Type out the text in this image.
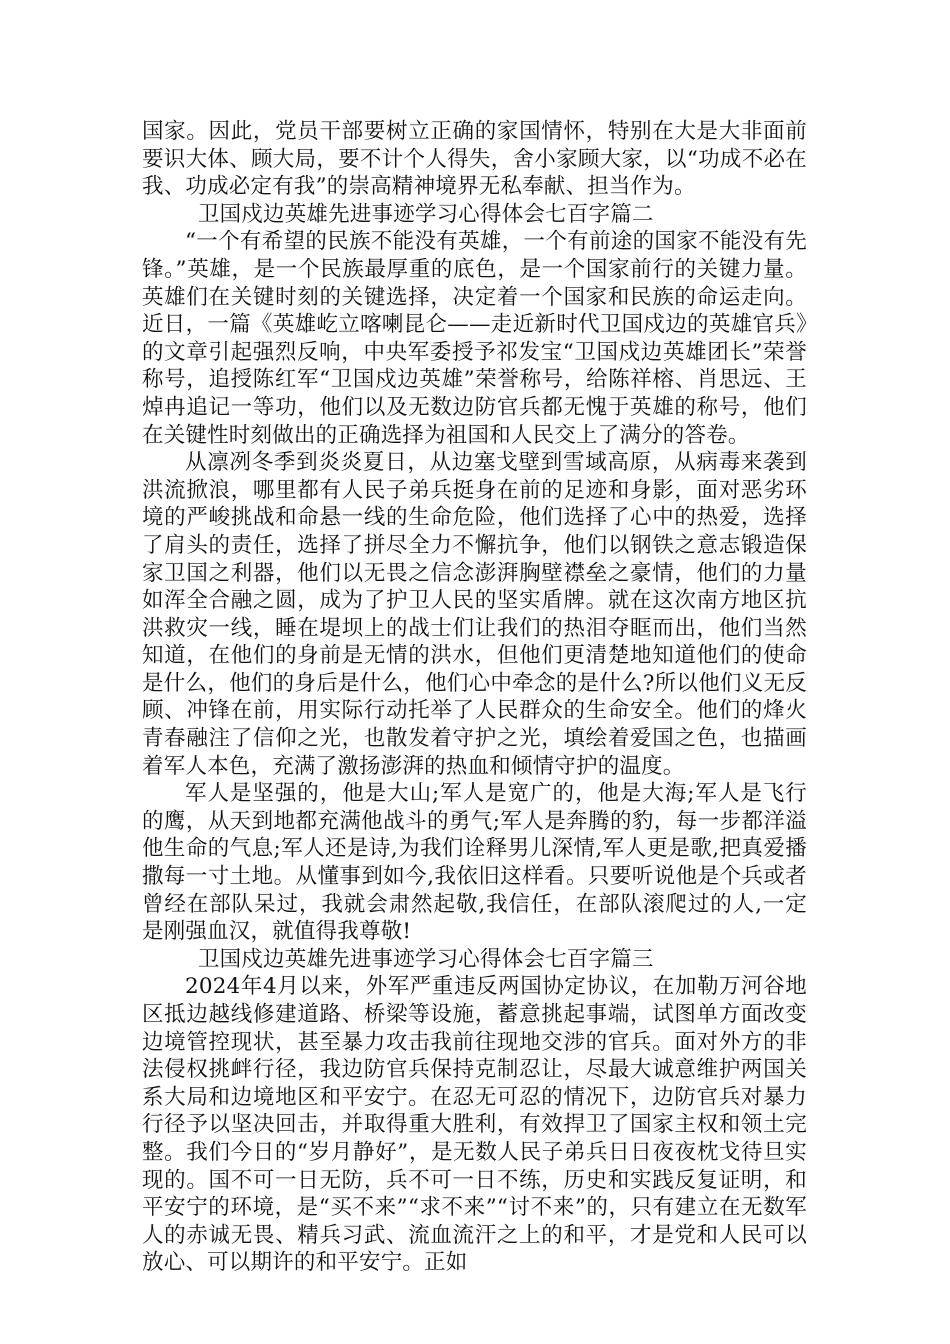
国家。因此，党员干部要树立正确的家国情怀，特别在大是大非面前要识大体、顾大局，要不计个人得失，舍小家顾大家，以“功成不必在我、功成必定有我”的崇高精神境界无私奉献、担当作为。

卫国戍边英雄先进事迹学习心得体会七百字篇二

“一个有希望的民族不能没有英雄，一个有前途的国家不能没有先锋。”英雄，是一个民族最厚重的底色，是一个国家前行的关键力量。英雄们在关键时刻的关键选择，决定着一个国家和民族的命运走向。近日，一篇《英雄屹立喀喇昆仑——走近新时代卫国戍边的英雄官兵》的文章引起强烈反响，中央军委授予祁发宝“卫国戍边英雄团长”荣誉称号，追授陈红军“卫国戍边英雄”荣誉称号，给陈祥榕、肖思远、王焯冉追记一等功，他们以及无数边防官兵都无愧于英雄的称号，他们在关键性时刻做出的正确选择为祖国和人民交上了满分的答卷。

从凛冽冬季到炎炎夏日，从边塞戈壁到雪域高原，从病毒来袭到洪流掀浪，哪里都有人民子弟兵挺身在前的足迹和身影，面对恶劣环境的严峻挑战和命悬一线的生命危险，他们选择了心中的热爱，选择了肩头的责任，选择了拼尽全力不懈抗争，他们以钢铁之意志锻造保家卫国之利器，他们以无畏之信念澎湃胸壁襟垒之豪情，他们的力量如浑全合融之圆，成为了护卫人民的坚实盾牌。就在这次南方地区抗洪救灾一线，睡在堤坝上的战士们让我们的热泪夺眶而出，他们当然知道，在他们的身前是无情的洪水，但他们更清楚地知道他们的使命是什么，他们的身后是什么，他们心中牵念的是什么?所以他们义无反顾、冲锋在前，用实际行动托举了人民群众的生命安全。他们的烽火青春融注了信仰之光，也散发着守护之光，填绘着爱国之色，也描画着军人本色，充满了激扬澎湃的热血和倾情守护的温度。

军人是坚强的，他是大山;军人是宽广的，他是大海;军人是飞行的鹰，从天到地都充满他战斗的勇气;军人是奔腾的豹，每一步都洋溢他生命的气息;军人还是诗,为我们诠释男儿深情,军人更是歌,把真爱播撒每一寸土地。从懂事到如今,我依旧这样看。只要听说他是个兵或者曾经在部队呆过，我就会肃然起敬,我信任，在部队滚爬过的人,一定是刚强血汉，就值得我尊敬!

卫国戍边英雄先进事迹学习心得体会七百字篇三

2024年4月以来，外军严重违反两国协定协议，在加勒万河谷地区抵边越线修建道路、桥梁等设施，蓄意挑起事端，试图单方面改变边境管控现状，甚至暴力攻击我前往现地交涉的官兵。面对外方的非法侵权挑衅行径，我边防官兵保持克制忍让，尽最大诚意维护两国关系大局和边境地区和平安宁。在忍无可忍的情况下，边防官兵对暴力行径予以坚决回击，并取得重大胜利，有效捍卫了国家主权和领土完整。我们今日的“岁月静好”，是无数人民子弟兵日日夜夜枕戈待旦实现的。国不可一日无防，兵不可一日不练，历史和实践反复证明，和平安宁的环境，是“买不来”“求不来”“讨不来”的，只有建立在无数军人的赤诚无畏、精兵习武、流血流汗之上的和平，才是党和人民可以放心、可以期许的和平安宁。正如
